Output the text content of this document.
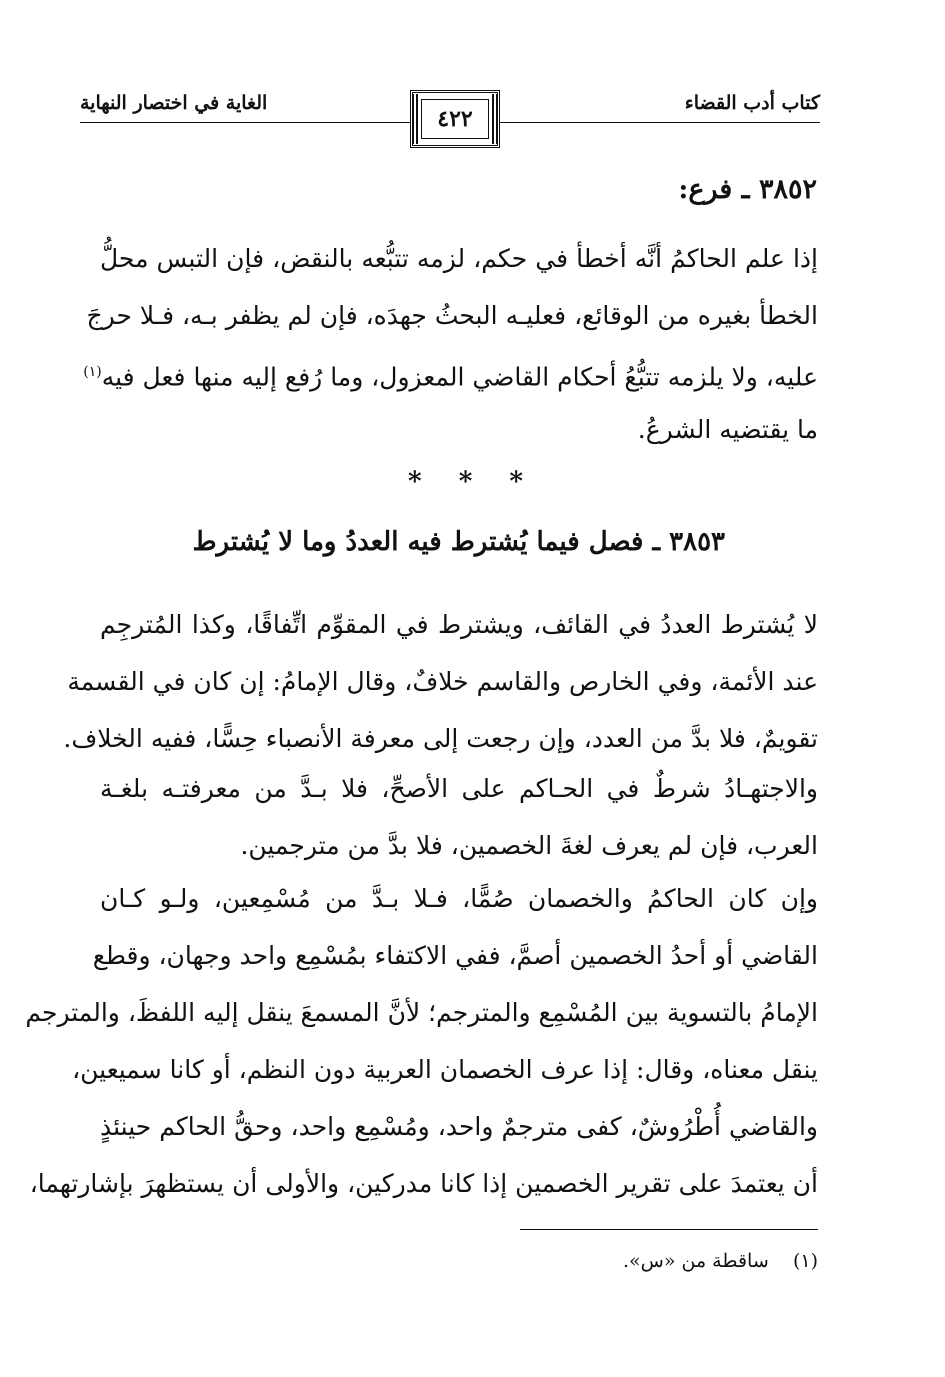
كتاب أدب القضاء
الغاية في اختصار النهاية
٤٢٢
٣٨٥٢ ـ فرع:
إذا علم الحاكمُ أنَّه أخطأ في حكم، لزمه تتبُّعه بالنقض، فإن التبس محلُّ
الخطأ بغيره من الوقائع، فعليـه البحثُ جهدَه، فإن لم يظفر بـه، فـلا حرجَ
عليه، ولا يلزمه تتبُّعُ أحكام القاضي المعزول، وما رُفع إليه منها فعل فيه$^{(١)}$
ما يقتضيه الشرعُ.
* * *
٣٨٥٣ ـ فصل فيما يُشترط فيه العددُ وما لا يُشترط
لا يُشترط العددُ في القائف، ويشترط في المقوِّم اتِّفاقًا، وكذا المُترجِم
عند الأئمة، وفي الخارص والقاسم خلافٌ، وقال الإمامُ: إن كان في القسمة
تقويمٌ، فلا بدَّ من العدد، وإن رجعت إلى معرفة الأنصباء حِسًّا، ففيه الخلاف.
والاجتهـادُ شرطٌ في الحـاكم على الأصحِّ، فلا بـدَّ من معرفتـه بلغـة
العرب، فإن لم يعرف لغةَ الخصمين، فلا بدَّ من مترجمين.
وإن كان الحاكمُ والخصمان صُمًّا، فـلا بـدَّ من مُسْمِعين، ولـو كـان
القاضي أو أحدُ الخصمين أصمَّ، ففي الاكتفاء بمُسْمِع واحد وجهان، وقطع
الإمامُ بالتسوية بين المُسْمِع والمترجم؛ لأنَّ المسمعَ ينقل إليه اللفظَ، والمترجم
ينقل معناه، وقال: إذا عرف الخصمان العربية دون النظم، أو كانا سميعين،
والقاضي أُطْرُوشٌ، كفى مترجمٌ واحد، ومُسْمِع واحد، وحقُّ الحاكم حينئذٍ
أن يعتمدَ على تقرير الخصمين إذا كانا مدركين، والأولى أن يستظهرَ بإشارتهما،
(١)    ساقطة من «س».
